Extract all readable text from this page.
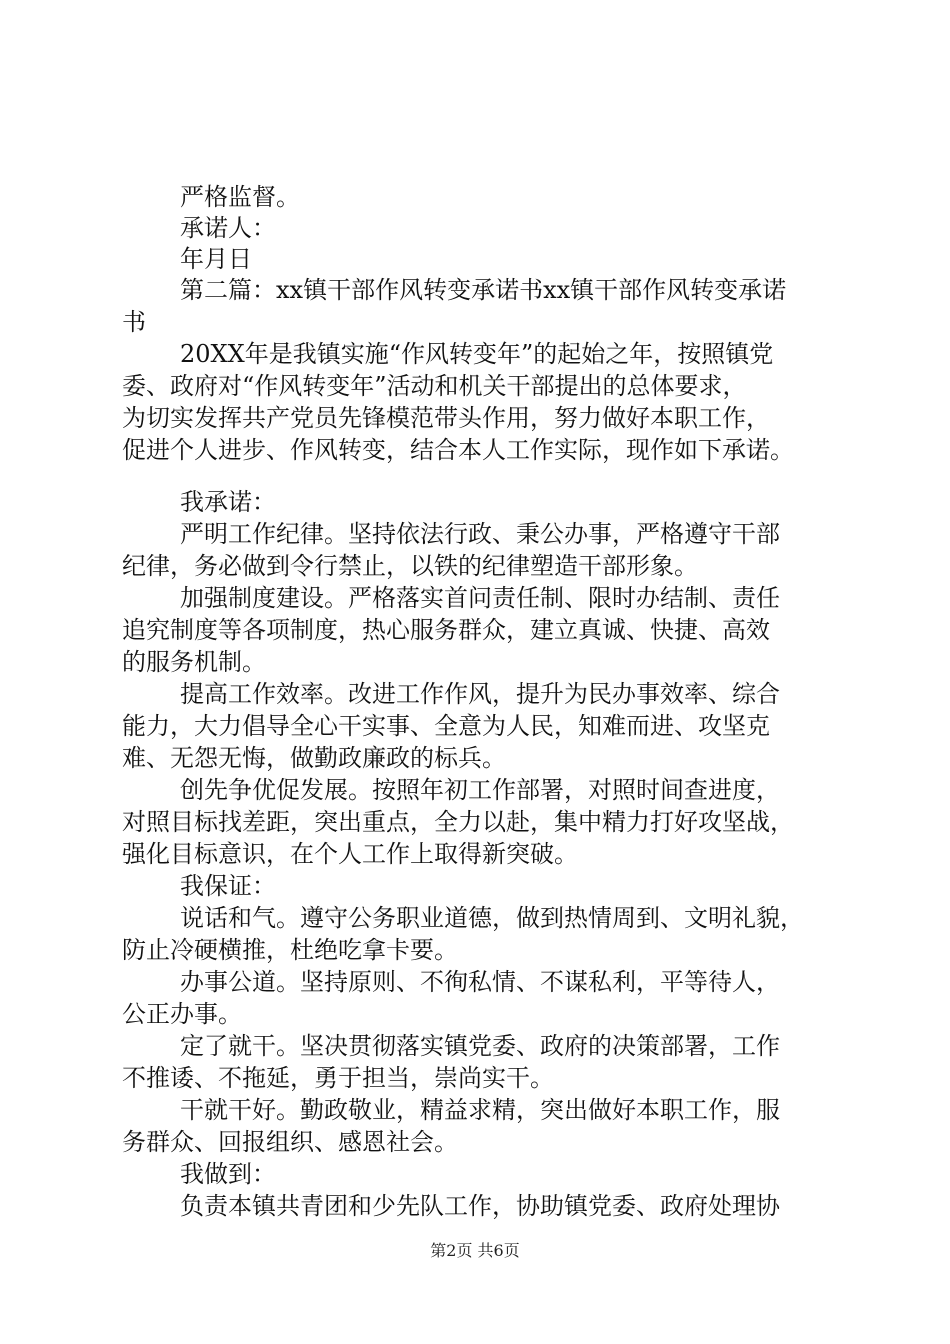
严格监督。
承诺人：
年月日
第二篇：xx镇干部作风转变承诺书xx镇干部作风转变承诺
书
20XX年是我镇实施“作风转变年”的起始之年，按照镇党
委、政府对“作风转变年”活动和机关干部提出的总体要求，
为切实发挥共产党员先锋模范带头作用，努力做好本职工作，
促进个人进步、作风转变，结合本人工作实际，现作如下承诺。
我承诺：
严明工作纪律。坚持依法行政、秉公办事，严格遵守干部
纪律，务必做到令行禁止，以铁的纪律塑造干部形象。
加强制度建设。严格落实首问责任制、限时办结制、责任
追究制度等各项制度，热心服务群众，建立真诚、快捷、高效
的服务机制。
提高工作效率。改进工作作风，提升为民办事效率、综合
能力，大力倡导全心干实事、全意为人民，知难而进、攻坚克
难、无怨无悔，做勤政廉政的标兵。
创先争优促发展。按照年初工作部署，对照时间查进度，
对照目标找差距，突出重点，全力以赴，集中精力打好攻坚战，
强化目标意识，在个人工作上取得新突破。
我保证：
说话和气。遵守公务职业道德，做到热情周到、文明礼貌，
防止冷硬横推，杜绝吃拿卡要。
办事公道。坚持原则、不徇私情、不谋私利，平等待人，
公正办事。
定了就干。坚决贯彻落实镇党委、政府的决策部署，工作
不推诿、不拖延，勇于担当，崇尚实干。
干就干好。勤政敬业，精益求精，突出做好本职工作，服
务群众、回报组织、感恩社会。
我做到：
负责本镇共青团和少先队工作，协助镇党委、政府处理协
第2页 共6页
